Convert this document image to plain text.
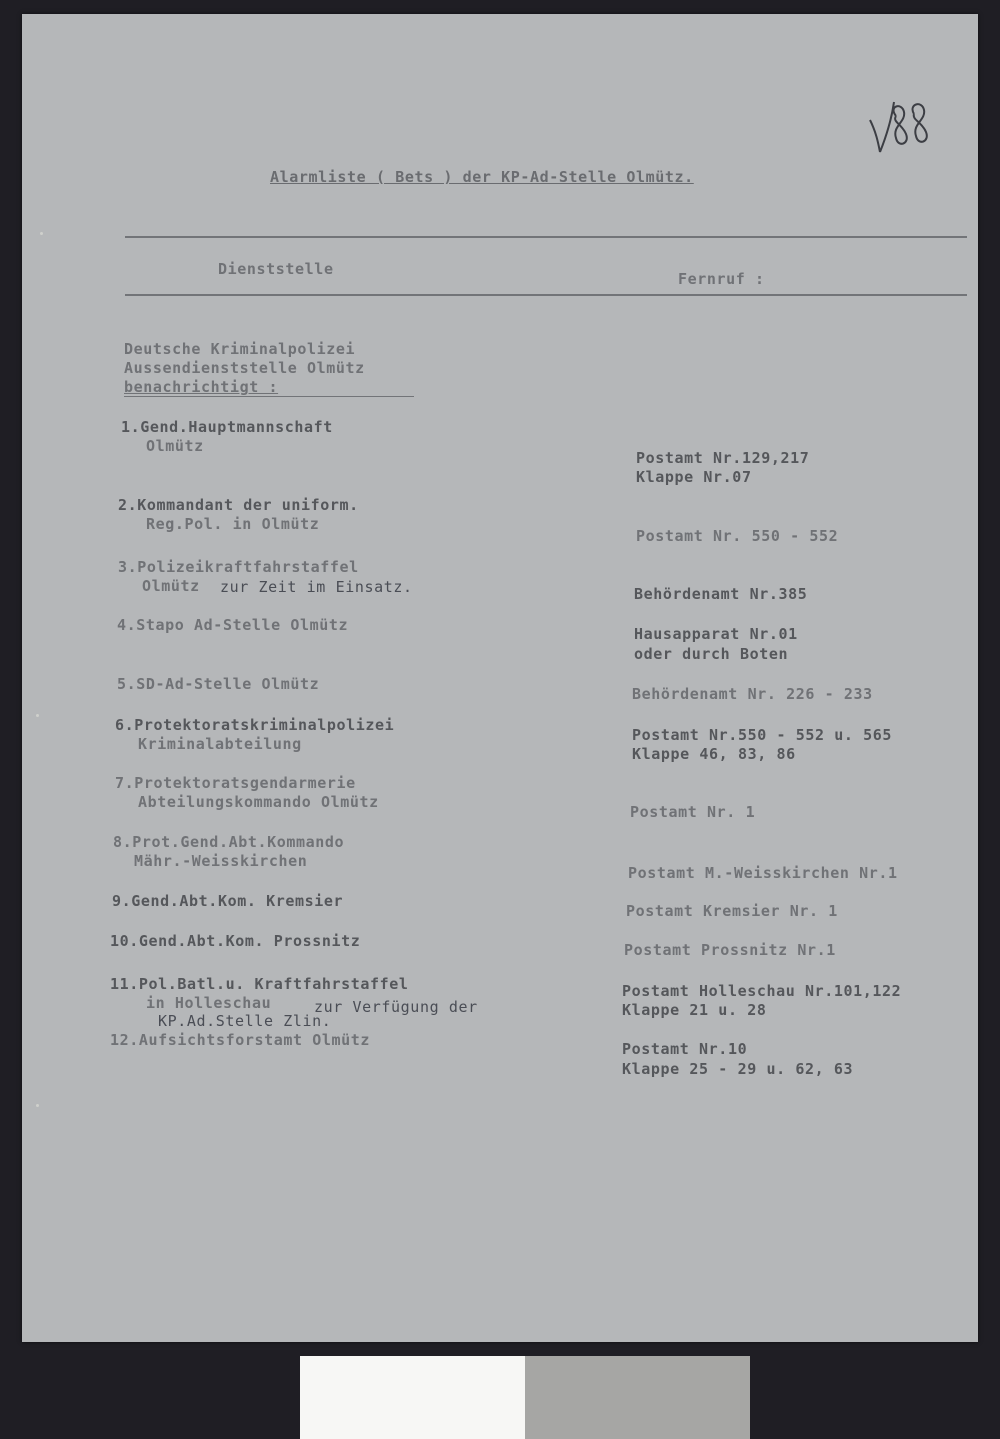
Alarmliste ( Bets ) der KP-Ad-Stelle Olmütz.
Dienststelle
Fernruf :
Deutsche Kriminalpolizei
Aussendienststelle Olmütz
benachrichtigt :
1.Gend.Hauptmannschaft
Olmütz
2.Kommandant der uniform.
Reg.Pol. in Olmütz
3.Polizeikraftfahrstaffel
Olmütz zur Zeit im Einsatz.
4.Stapo Ad-Stelle Olmütz
5.SD-Ad-Stelle Olmütz
6.Protektoratskriminalpolizei
Kriminalabteilung
7.Protektoratsgendarmerie
Abteilungskommando Olmütz
8.Prot.Gend.Abt.Kommando
Mähr.-Weisskirchen
9.Gend.Abt.Kom. Kremsier
10.Gend.Abt.Kom. Prossnitz
11.Pol.Batl.u. Kraftfahrstaffel
in Holleschau	zur Verfügung der
KP.Ad.Stelle Zlin.
12.Aufsichtsforstamt Olmütz
Postamt Nr.129,217
Klappe Nr.07
Postamt Nr. 550 - 552
Behördenamt Nr.385
Hausapparat Nr.01
oder durch Boten
Behördenamt Nr. 226 - 233
Postamt Nr.550 - 552 u. 565
Klappe 46, 83, 86
Postamt Nr. 1
Postamt M.-Weisskirchen Nr.1
Postamt Kremsier Nr. 1
Postamt Prossnitz Nr.1
Postamt Holleschau Nr.101,122
Klappe 21 u. 28
Postamt Nr.10
Klappe 25 - 29 u. 62, 63
